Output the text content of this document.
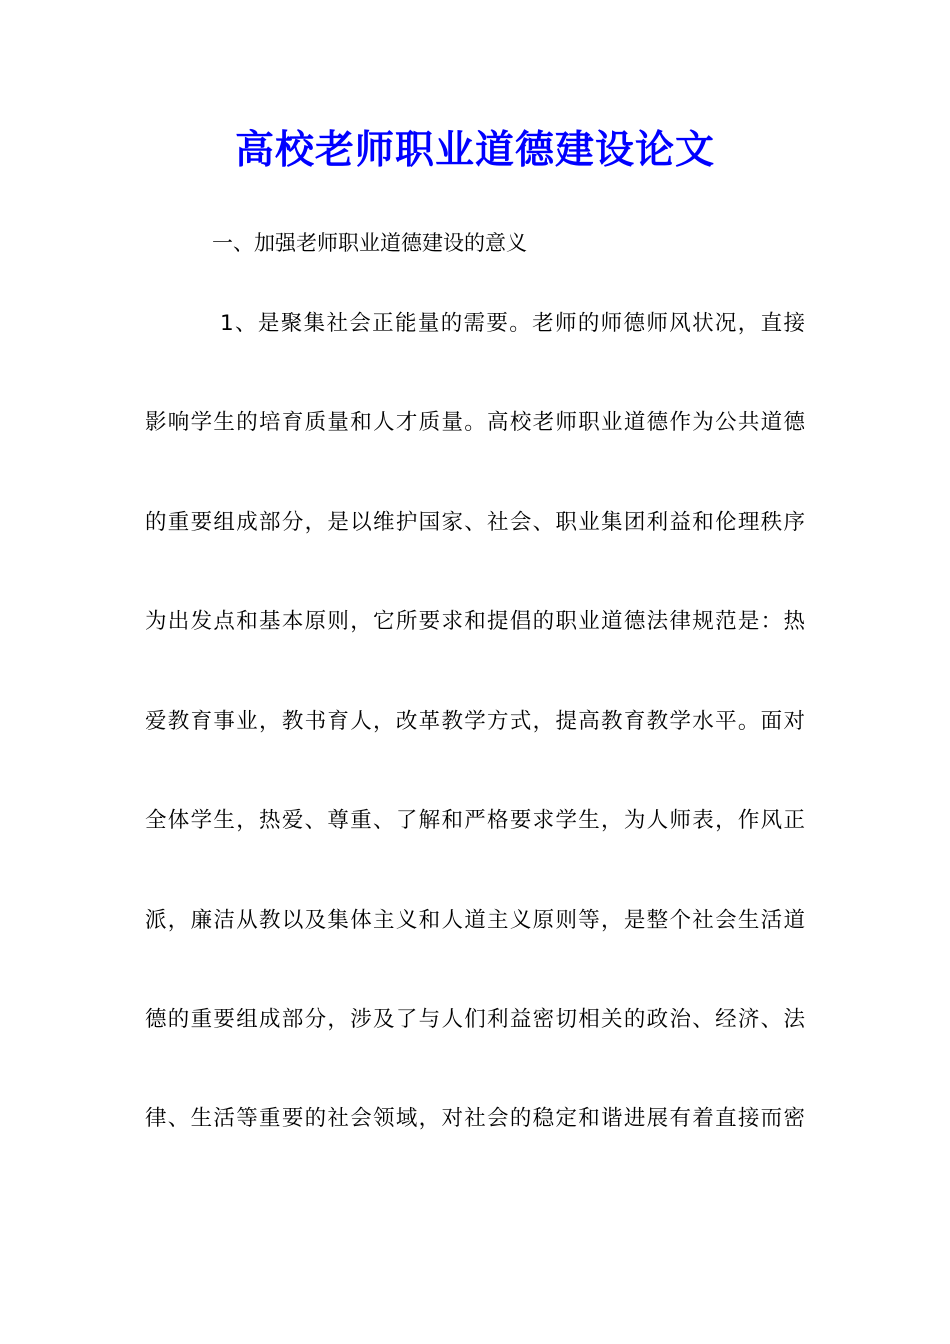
高校老师职业道德建设论文

一、加强老师职业道德建设的意义

1、是聚集社会正能量的需要。老师的师德师风状况，直接

影响学生的培育质量和人才质量。高校老师职业道德作为公共道德

的重要组成部分，是以维护国家、社会、职业集团利益和伦理秩序

为出发点和基本原则，它所要求和提倡的职业道德法律规范是：热

爱教育事业，教书育人，改革教学方式，提高教育教学水平。面对

全体学生，热爱、尊重、了解和严格要求学生，为人师表，作风正

派，廉洁从教以及集体主义和人道主义原则等，是整个社会生活道

德的重要组成部分，涉及了与人们利益密切相关的政治、经济、法

律、生活等重要的社会领域，对社会的稳定和谐进展有着直接而密
